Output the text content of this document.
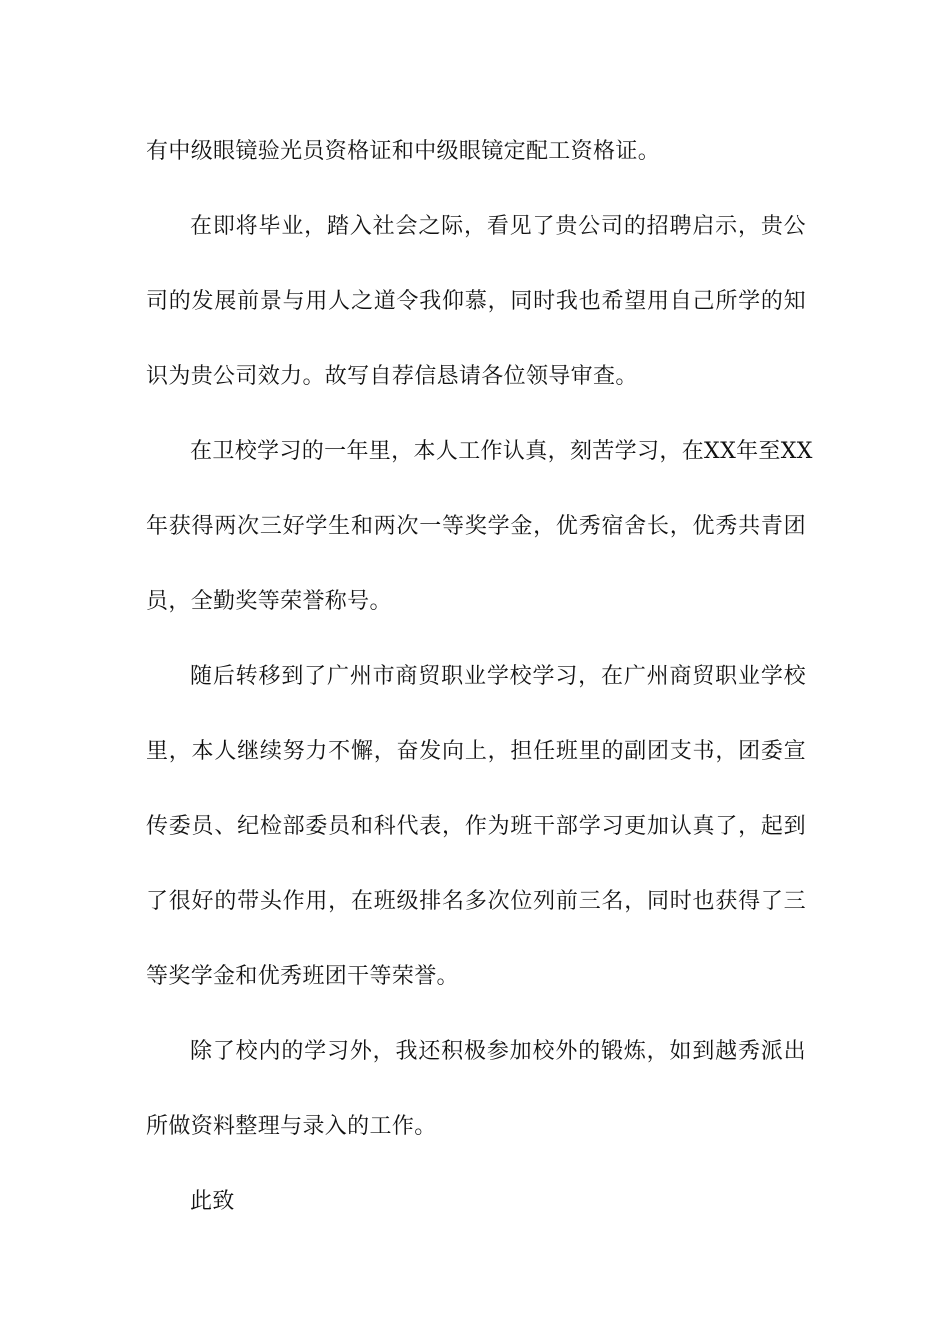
有中级眼镜验光员资格证和中级眼镜定配工资格证。
在即将毕业，踏入社会之际，看见了贵公司的招聘启示，贵公
司的发展前景与用人之道令我仰慕，同时我也希望用自己所学的知
识为贵公司效力。故写自荐信恳请各位领导审查。
在卫校学习的一年里，本人工作认真，刻苦学习，在XX年至XX
年获得两次三好学生和两次一等奖学金，优秀宿舍长，优秀共青团
员，全勤奖等荣誉称号。
随后转移到了广州市商贸职业学校学习，在广州商贸职业学校
里，本人继续努力不懈，奋发向上，担任班里的副团支书，团委宣
传委员、纪检部委员和科代表，作为班干部学习更加认真了，起到
了很好的带头作用，在班级排名多次位列前三名，同时也获得了三
等奖学金和优秀班团干等荣誉。
除了校内的学习外，我还积极参加校外的锻炼，如到越秀派出
所做资料整理与录入的工作。
此致
